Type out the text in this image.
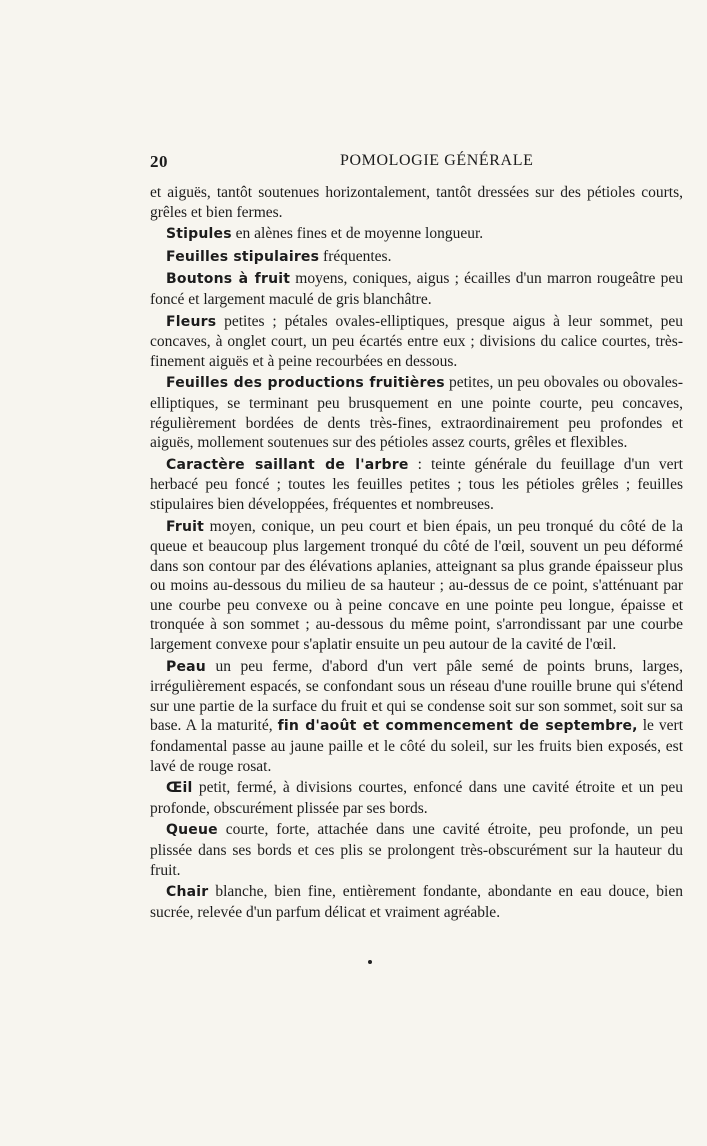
20	POMOLOGIE GÉNÉRALE

et aiguës, tantôt soutenues horizontalement, tantôt dressées sur des pétioles courts, grêles et bien fermes.

Stipules en alènes fines et de moyenne longueur.

Feuilles stipulaires fréquentes.

Boutons à fruit moyens, coniques, aigus ; écailles d'un marron rougeâtre peu foncé et largement maculé de gris blanchâtre.

Fleurs petites ; pétales ovales-elliptiques, presque aigus à leur sommet, peu concaves, à onglet court, un peu écartés entre eux ; divisions du calice courtes, très-finement aiguës et à peine recourbées en dessous.

Feuilles des productions fruitières petites, un peu obovales ou obovales-elliptiques, se terminant peu brusquement en une pointe courte, peu concaves, régulièrement bordées de dents très-fines, extraordinairement peu profondes et aiguës, mollement soutenues sur des pétioles assez courts, grêles et flexibles.

Caractère saillant de l'arbre : teinte générale du feuillage d'un vert herbacé peu foncé ; toutes les feuilles petites ; tous les pétioles grêles ; feuilles stipulaires bien développées, fréquentes et nombreuses.

Fruit moyen, conique, un peu court et bien épais, un peu tronqué du côté de la queue et beaucoup plus largement tronqué du côté de l'œil, souvent un peu déformé dans son contour par des élévations aplanies, atteignant sa plus grande épaisseur plus ou moins au-dessous du milieu de sa hauteur ; au-dessus de ce point, s'atténuant par une courbe peu convexe ou à peine concave en une pointe peu longue, épaisse et tronquée à son sommet ; au-dessous du même point, s'arrondissant par une courbe largement convexe pour s'aplatir ensuite un peu autour de la cavité de l'œil.

Peau un peu ferme, d'abord d'un vert pâle semé de points bruns, larges, irrégulièrement espacés, se confondant sous un réseau d'une rouille brune qui s'étend sur une partie de la surface du fruit et qui se condense soit sur son sommet, soit sur sa base. A la maturité, fin d'août et commencement de septembre, le vert fondamental passe au jaune paille et le côté du soleil, sur les fruits bien exposés, est lavé de rouge rosat.

Œil petit, fermé, à divisions courtes, enfoncé dans une cavité étroite et un peu profonde, obscurément plissée par ses bords.

Queue courte, forte, attachée dans une cavité étroite, peu profonde, un peu plissée dans ses bords et ces plis se prolongent très-obscurément sur la hauteur du fruit.

Chair blanche, bien fine, entièrement fondante, abondante en eau douce, bien sucrée, relevée d'un parfum délicat et vraiment agréable.
